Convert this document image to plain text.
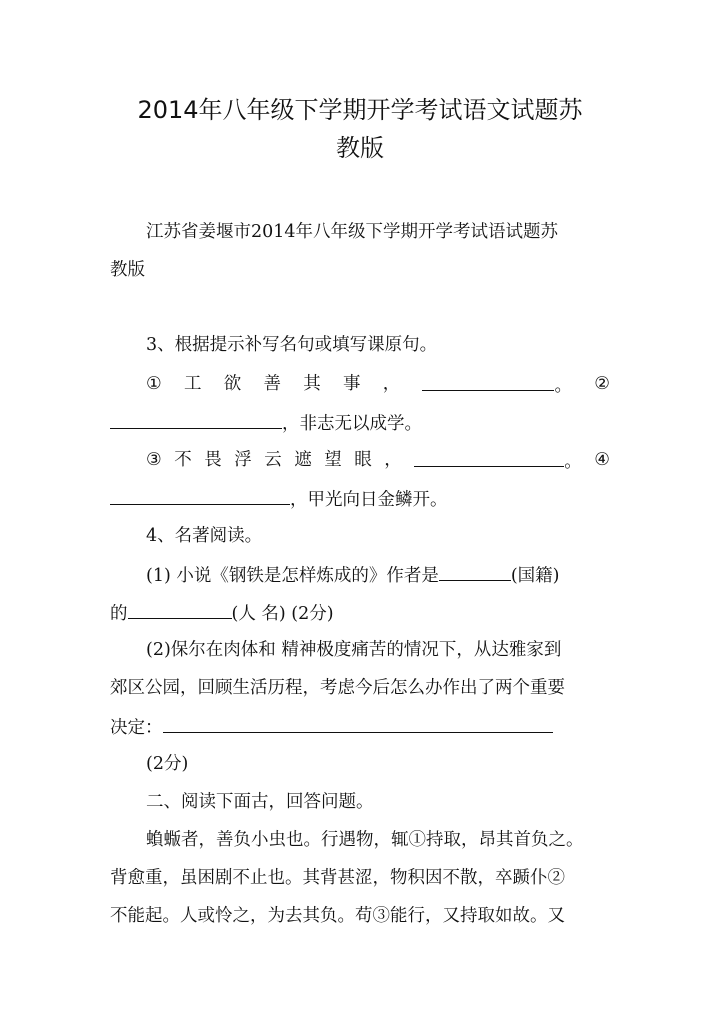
2014年八年级下学期开学考试语文试题苏
教版
江苏省姜堰市2014年八年级下学期开学考试语试题苏
教版
3、根据提示补写名句或填写课原句。
① 工 欲 善 其 事 ，	。 ②
，非志无以成学。
③ 不 畏 浮 云 遮 望 眼 ，	。 ④
，甲光向日金鳞开。
4、名著阅读。
(1) 小说《钢铁是怎样炼成的》作者是	(国籍)
的	(人 名) (2分)
(2)保尔在肉体和 精神极度痛苦的情况下，从达雅家到
郊区公园，回顾生活历程，考虑今后怎么办作出了两个重要
决定：
(2分)
二、阅读下面古，回答问题。
蝜蝂者，善负小虫也。行遇物，辄①持取，昂其首负之。
背愈重，虽困剧不止也。其背甚涩，物积因不散，卒踬仆②
不能起。人或怜之，为去其负。苟③能行，又持取如故。又
